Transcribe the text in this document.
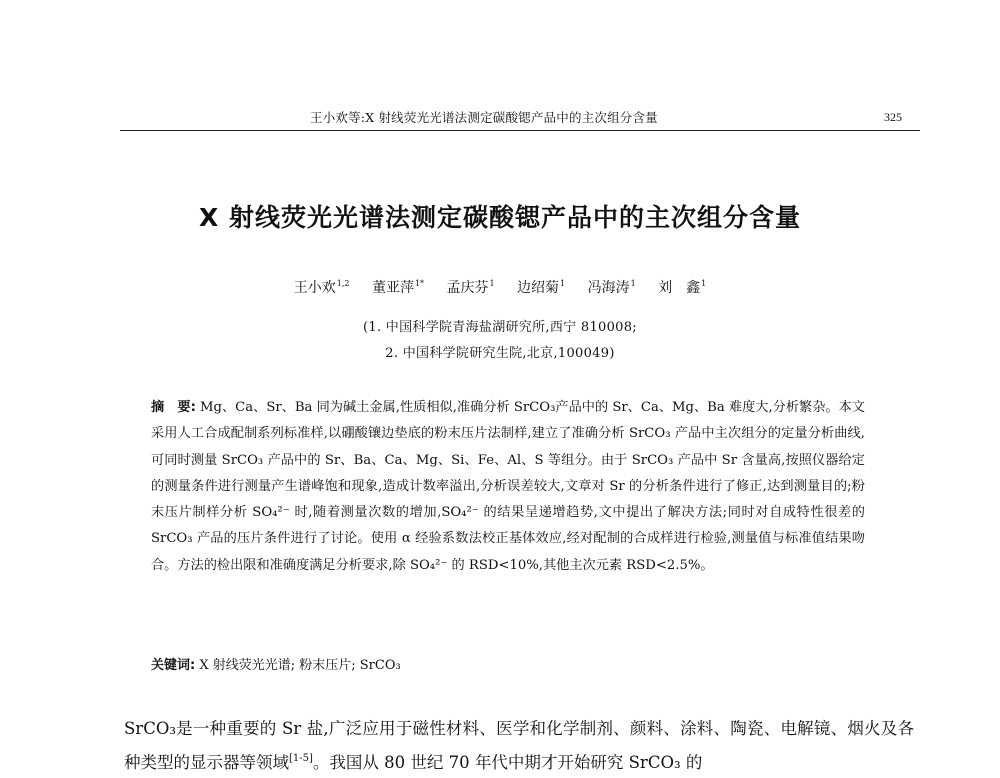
王小欢等:X 射线荧光光谱法测定碳酸锶产品中的主次组分含量	325
X 射线荧光光谱法测定碳酸锶产品中的主次组分含量
王小欢$^{1,2}$ 董亚萍$^{1*}$ 孟庆芬$^1$ 边绍菊$^1$ 冯海涛$^1$ 刘　鑫$^1$
(1. 中国科学院青海盐湖研究所,西宁 810008;
2. 中国科学院研究生院,北京,100049)
摘　要: Mg、Ca、Sr、Ba 同为碱土金属,性质相似,准确分析 SrCO₃产品中的 Sr、Ca、Mg、Ba 难度大,分析繁杂。本文采用人工合成配制系列标准样,以硼酸镶边垫底的粉末压片法制样,建立了准确分析 SrCO₃ 产品中主次组分的定量分析曲线,可同时测量 SrCO₃ 产品中的 Sr、Ba、Ca、Mg、Si、Fe、Al、S 等组分。由于 SrCO₃ 产品中 Sr 含量高,按照仪器给定的测量条件进行测量产生谱峰饱和现象,造成计数率溢出,分析误差较大,文章对 Sr 的分析条件进行了修正,达到测量目的;粉末压片制样分析 SO₄²⁻ 时,随着测量次数的增加,SO₄²⁻ 的结果呈递增趋势,文中提出了解决方法;同时对自成特性很差的 SrCO₃ 产品的压片条件进行了讨论。使用 α 经验系数法校正基体效应,经对配制的合成样进行检验,测量值与标准值结果吻合。方法的检出限和准确度满足分析要求,除 SO₄²⁻ 的 RSD<10%,其他主次元素 RSD<2.5%。
关键词: X 射线荧光光谱; 粉末压片; SrCO₃
SrCO₃是一种重要的 Sr 盐,广泛应用于磁性材料、医学和化学制剂、颜料、涂料、陶瓷、电解镜、烟火及各种类型的显示器等领域[1-5]。我国从 80 世纪 70 年代中期才开始研究 SrCO₃ 的
